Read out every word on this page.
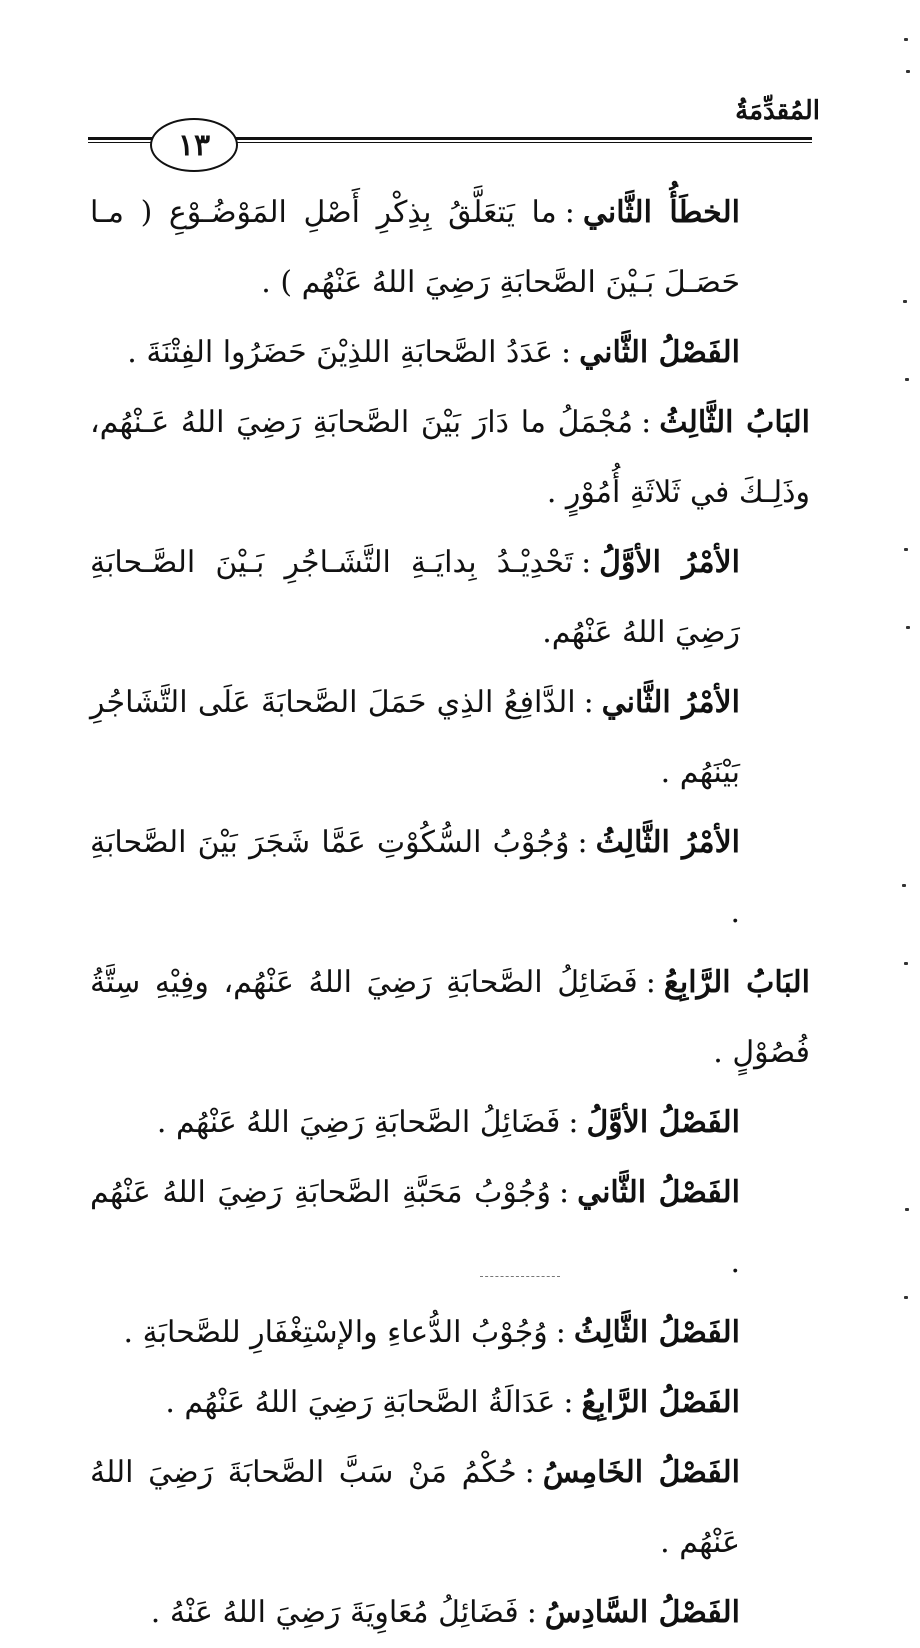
المُقدِّمَةُ
١٣

الخطَأُ الثَّاني:ما يَتعَلَّقُ بِذِكْرِ أَصْلِ المَوْضُـوْعِ ( مـا حَصَـلَ بَـيْنَ الصَّحابَةِ رَضِيَ اللهُ عَنْهُم ) .

الفَصْلُ الثَّاني:عَدَدُ الصَّحابَةِ اللذِيْنَ حَضَرُوا الفِتْنَةَ .

البَابُ الثَّالِثُ:مُجْمَلُ ما دَارَ بَيْنَ الصَّحابَةِ رَضِيَ اللهُ عَـنْهُم، وذَلِـكَ في ثَلاثَةِ أُمُوْرٍ .

الأمْرُ الأوَّلُ:تَحْدِيْـدُ بِدايَـةِ التَّشَـاجُرِ بَـيْنَ الصَّـحابَةِ رَضِيَ اللهُ عَنْهُم.

الأمْرُ الثَّاني:الدَّافِعُ الذِي حَمَلَ الصَّحابَةَ عَلَى التَّشَاجُرِ بَيْنَهُم .

الأمْرُ الثَّالِثُ:وُجُوْبُ السُّكُوْتِ عَمَّا شَجَرَ بَيْنَ الصَّحابَةِ .

البَابُ الرَّابِعُ:فَضَائِلُ الصَّحابَةِ رَضِيَ اللهُ عَنْهُم، وفِيْهِ سِتَّةُ فُصُوْلٍ .

الفَصْلُ الأوَّلُ:فَضَائِلُ الصَّحابَةِ رَضِيَ اللهُ عَنْهُم .

الفَصْلُ الثَّاني:وُجُوْبُ مَحَبَّةِ الصَّحابَةِ رَضِيَ اللهُ عَنْهُم .

الفَصْلُ الثَّالِثُ:وُجُوْبُ الدُّعاءِ والإسْتِغْفَارِ للصَّحابَةِ .

الفَصْلُ الرَّابِعُ:عَدَالَةُ الصَّحابَةِ رَضِيَ اللهُ عَنْهُم .

الفَصْلُ الخَامِسُ:حُكْمُ مَنْ سَبَّ الصَّحابَةَ رَضِيَ اللهُ عَنْهُم .

الفَصْلُ السَّادِسُ:فَضَائِلُ مُعَاوِيَةَ رَضِيَ اللهُ عَنْهُ .
